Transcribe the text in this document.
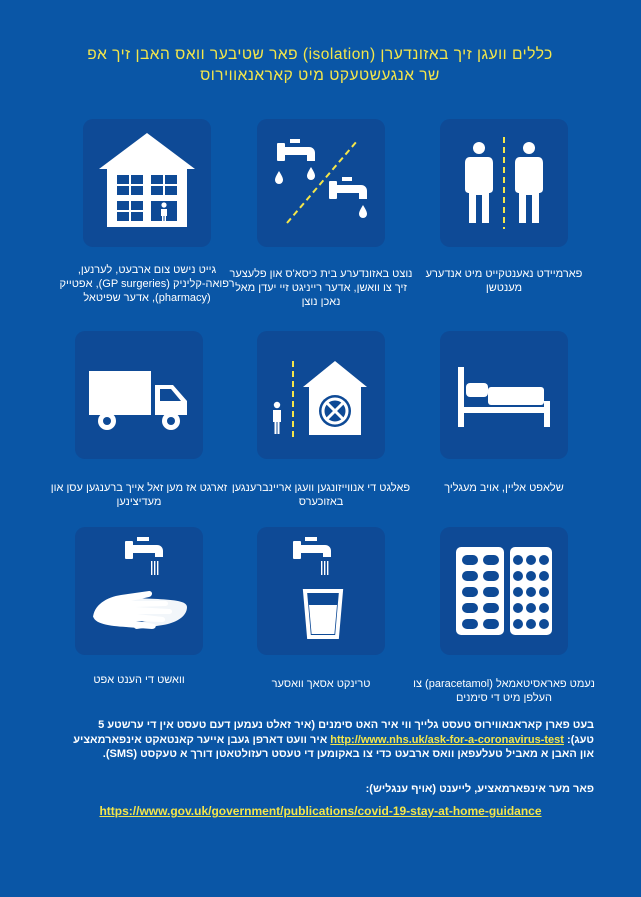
כללים וועגן זיך באזונדערן (isolation) פאר שטיבער וואס האבן זיך אפ
שר אנגעשטעקט מיט קאראנאווירוס
פארמיידט נאענטקייט מיט אנדערע מענטשן
נוצט באזונדערע בית כיסא'ס און פלעצער זיך צו וואשן, אדער רייניגט זיי יעדן מאל נאכן נוצן
גייט נישט צום ארבעט, לערנען, רפואה-קליניק (GP surgeries), אפטייק (pharmacy), אדער שפיטאל
שלאפט אליין, אויב מעגליך
פאלגט די אנווייזונגען וועגן אריינברענגען באזוכערס
זארגט אז מען זאל אייך ברענגען עסן און מעדיצינען
נעמט פאראסיטאמאל (paracetamol) צו העלפן מיט די סימנים
טרינקט אסאך וואסער
וואשט די הענט אפט
בעט פארן קאראנאווירוס טעסט גלייך ווי איר האט סימנים (איר זאלט נעמען דעם טעסט אין די ערשטע 5 טעג): http://www.nhs.uk/ask-for-a-coronavirus-test איר וועט דארפן געבן אייער קאנטאקט אינפארמאציע און האבן א מאביל טעלעפאן וואס ארבעט כדי צו באקומען די טעסט רעזולטאטן דורך א טעקסט (SMS).
פאר מער אינפארמאציע, לייענט (אויף ענגליש):
https://www.gov.uk/government/publications/covid-19-stay-at-home-guidance
